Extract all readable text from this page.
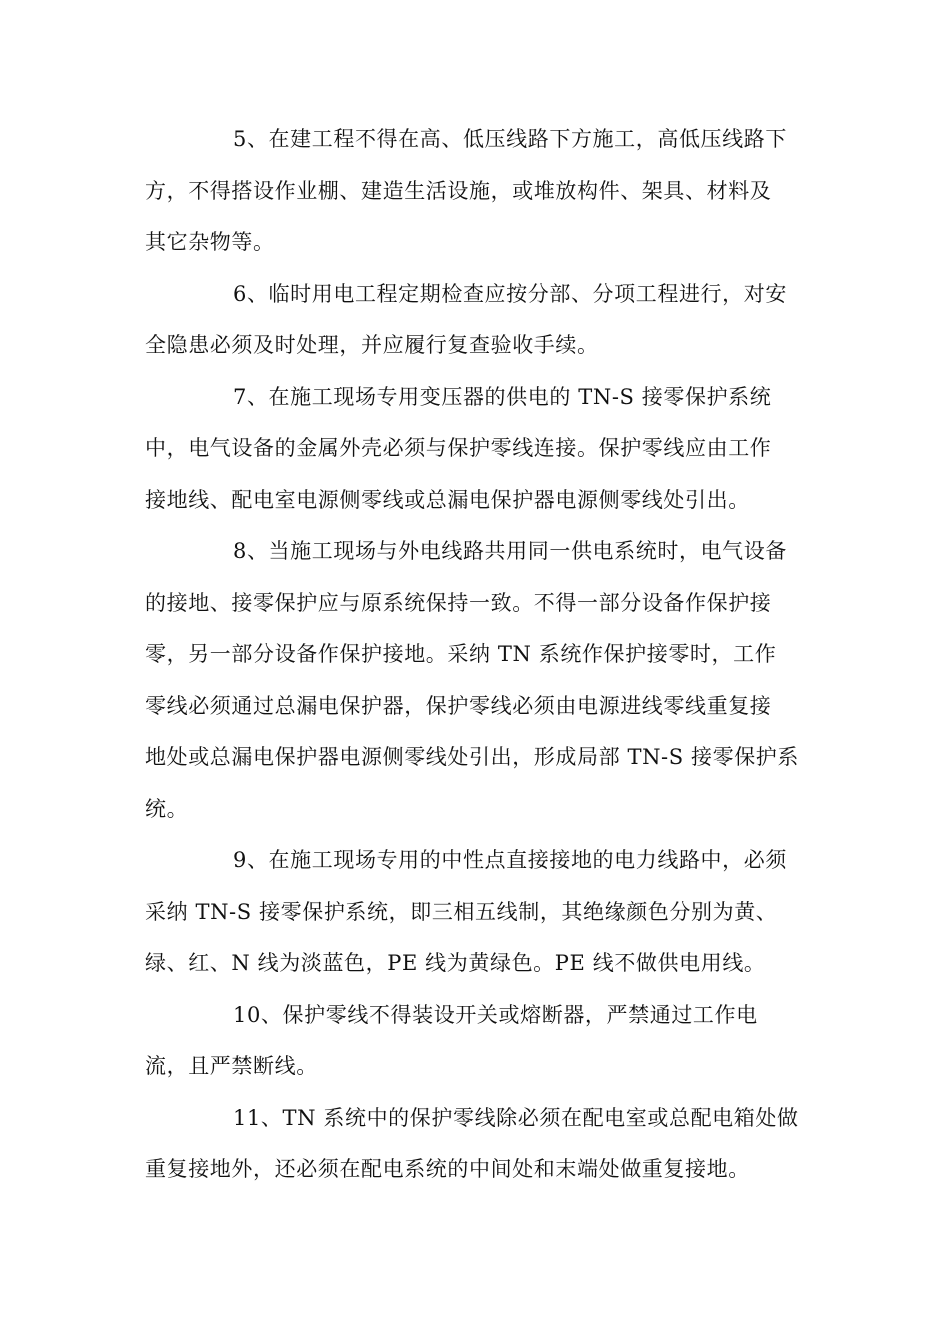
5、在建工程不得在高、低压线路下方施工，高低压线路下
方，不得搭设作业棚、建造生活设施，或堆放构件、架具、材料及
其它杂物等。
6、临时用电工程定期检查应按分部、分项工程进行，对安
全隐患必须及时处理，并应履行复查验收手续。
7、在施工现场专用变压器的供电的 TN-S 接零保护系统
中，电气设备的金属外壳必须与保护零线连接。保护零线应由工作
接地线、配电室电源侧零线或总漏电保护器电源侧零线处引出。
8、当施工现场与外电线路共用同一供电系统时，电气设备
的接地、接零保护应与原系统保持一致。不得一部分设备作保护接
零，另一部分设备作保护接地。采纳 TN 系统作保护接零时，工作
零线必须通过总漏电保护器，保护零线必须由电源进线零线重复接
地处或总漏电保护器电源侧零线处引出，形成局部 TN-S 接零保护系
统。
9、在施工现场专用的中性点直接接地的电力线路中，必须
采纳 TN-S 接零保护系统，即三相五线制，其绝缘颜色分别为黄、
绿、红、N 线为淡蓝色，PE 线为黄绿色。PE 线不做供电用线。
10、保护零线不得装设开关或熔断器，严禁通过工作电
流，且严禁断线。
11、TN 系统中的保护零线除必须在配电室或总配电箱处做
重复接地外，还必须在配电系统的中间处和末端处做重复接地。
